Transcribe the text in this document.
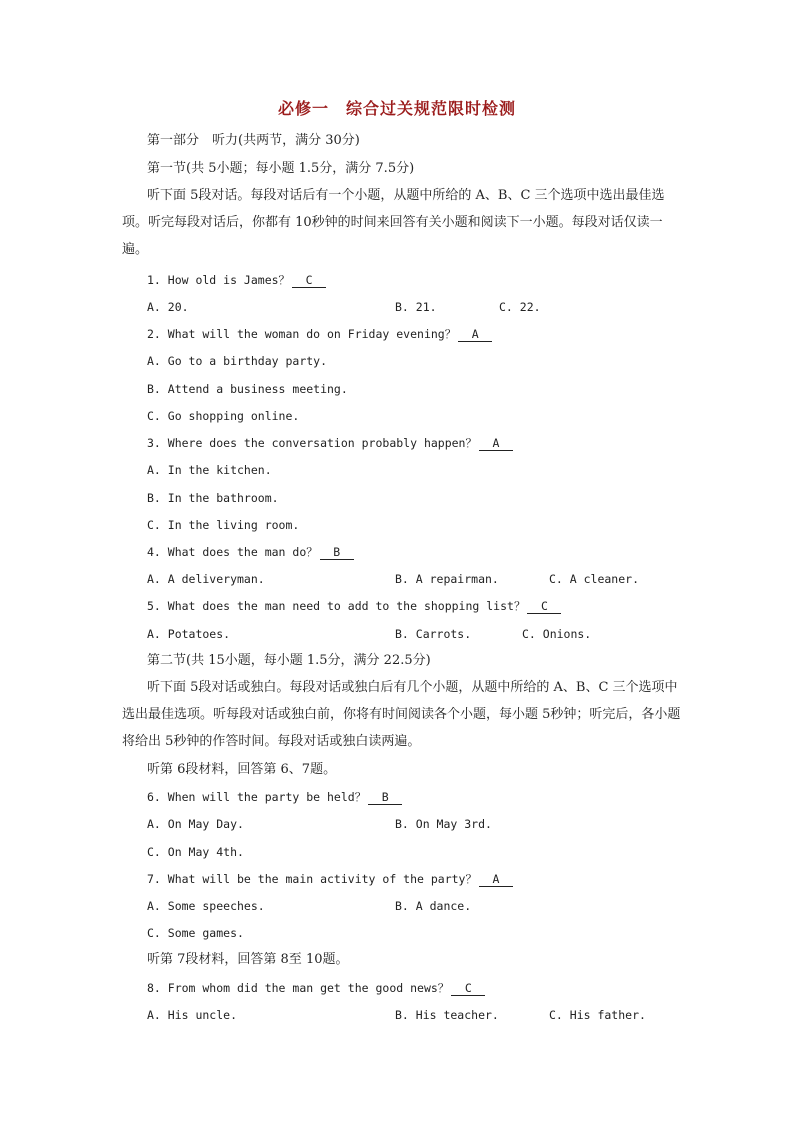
必修一　综合过关规范限时检测
第一部分　听力(共两节，满分 30分)
第一节(共 5小题；每小题 1.5分，满分 7.5分)
听下面 5段对话。每段对话后有一个小题，从题中所给的 A、B、C 三个选项中选出最佳选项。听完每段对话后，你都有 10秒钟的时间来回答有关小题和阅读下一小题。每段对话仅读一遍。
1. How old is James？ C
A. 20.	B. 21.	C. 22.
2. What will the woman do on Friday evening？ A
A. Go to a birthday party.
B. Attend a business meeting.
C. Go shopping online.
3. Where does the conversation probably happen？ A
A. In the kitchen.
B. In the bathroom.
C. In the living room.
4. What does the man do？ B
A. A deliveryman.	B. A repairman.	C. A cleaner.
5. What does the man need to add to the shopping list？ C
A. Potatoes.	B. Carrots.	C. Onions.
第二节(共 15小题，每小题 1.5分，满分 22.5分)
听下面 5段对话或独白。每段对话或独白后有几个小题，从题中所给的 A、B、C 三个选项中选出最佳选项。听每段对话或独白前，你将有时间阅读各个小题，每小题 5秒钟；听完后，各小题将给出 5秒钟的作答时间。每段对话或独白读两遍。
听第 6段材料，回答第 6、7题。
6. When will the party be held？ B
A. On May Day.	B. On May 3rd.
C. On May 4th.
7. What will be the main activity of the party？ A
A. Some speeches.	B. A dance.
C. Some games.
听第 7段材料，回答第 8至 10题。
8. From whom did the man get the good news？ C
A. His uncle.	B. His teacher.	C. His father.
